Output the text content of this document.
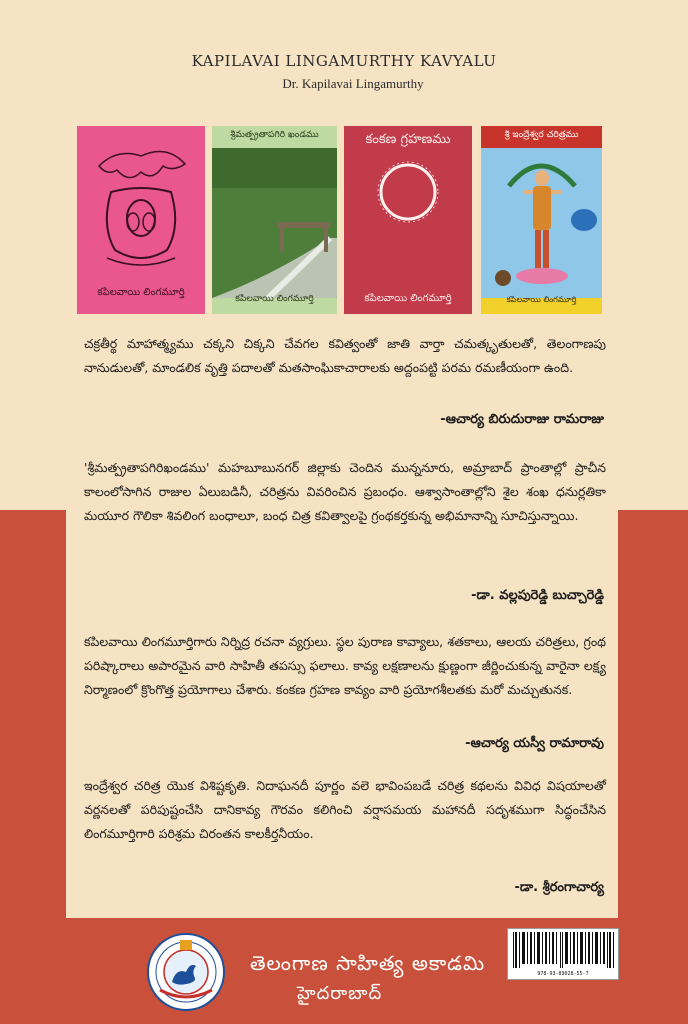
KAPILAVAI LINGAMURTHY KAVYALU
Dr. Kapilavai Lingamurthy
కపిలవాయి లింగమూర్తి
శ్రీమత్ప్రతాపగిరి ఖండము
కపిలవాయి లింగమూర్తి
కంకణ గ్రహణము
కపిలవాయి లింగమూర్తి
శ్రీ ఇంద్రేశ్వర చరిత్రము
కపిలవాయి లింగమూర్తి

చక్రతీర్థ మాహాత్మ్యము చక్కని చిక్కని చేవగల కవిత్వంతో జాతి వార్తా చమత్కృతులతో, తెలంగాణపు నానుడులతో, మాండలిక వృత్తి పదాలతో మతసాంఘికాచారాలకు అద్దంపట్టి పరమ రమణీయంగా ఉంది.

-ఆచార్య బిరుదురాజు రామరాజు

'శ్రీమత్ప్రతాపగిరిఖండము' మహబూబునగర్ జిల్లాకు చెందిన మున్ననూరు, అమ్రాబాద్ ప్రాంతాల్లో ప్రాచీన కాలంలోసాగిన రాజుల ఏలుబడినీ, చరిత్రను వివరించిన ప్రబంధం. ఆశ్వాసాంతాల్లోని శైల శంఖ ధనుర్లతికా మయూర గౌలికా శివలింగ బంధాలూ, బంధ చిత్ర కవిత్వాలపై గ్రంథకర్తకున్న అభిమానాన్ని సూచిస్తున్నాయి.

-డా. వల్లపురెడ్డి బుచ్చారెడ్డి

కపిలవాయి లింగమూర్తిగారు నిర్నిద్ర రచనా వ్యగ్రులు. స్థల పురాణ కావ్యాలు, శతకాలు, ఆలయ చరిత్రలు, గ్రంథ పరిష్కారాలు అపారమైన వారి సాహితీ తపస్సు ఫలాలు. కావ్య లక్షణాలను క్షుణ్ణంగా జీర్ణించుకున్న వారైనా లక్ష్య నిర్మాణంలో క్రొంగొత్త ప్రయోగాలు చేశారు. కంకణ గ్రహణ కావ్యం వారి ప్రయోగశీలతకు మరో మచ్చుతునక.

-ఆచార్య యస్వీ రామారావు

ఇంద్రేశ్వర చరిత్ర యొక విశిష్టకృతి. నిదాఘనదీ పూర్ణం వలె భావింపబడే చరిత్ర కథలను వివిధ విషయాలతో వర్ణనలతో పరిపుష్టంచేసి దానికావ్య గౌరవం కలిగించి వర్షాసమయ మహానదీ సదృశముగా సిద్ధంచేసిన లింగమూర్తిగారి పరిశ్రమ చిరంతన కాలకీర్తనీయం.

-డా. శ్రీరంగాచార్య
తెలంగాణ సాహిత్య అకాడమి
హైదరాబాద్
978-93-89028-55-7
